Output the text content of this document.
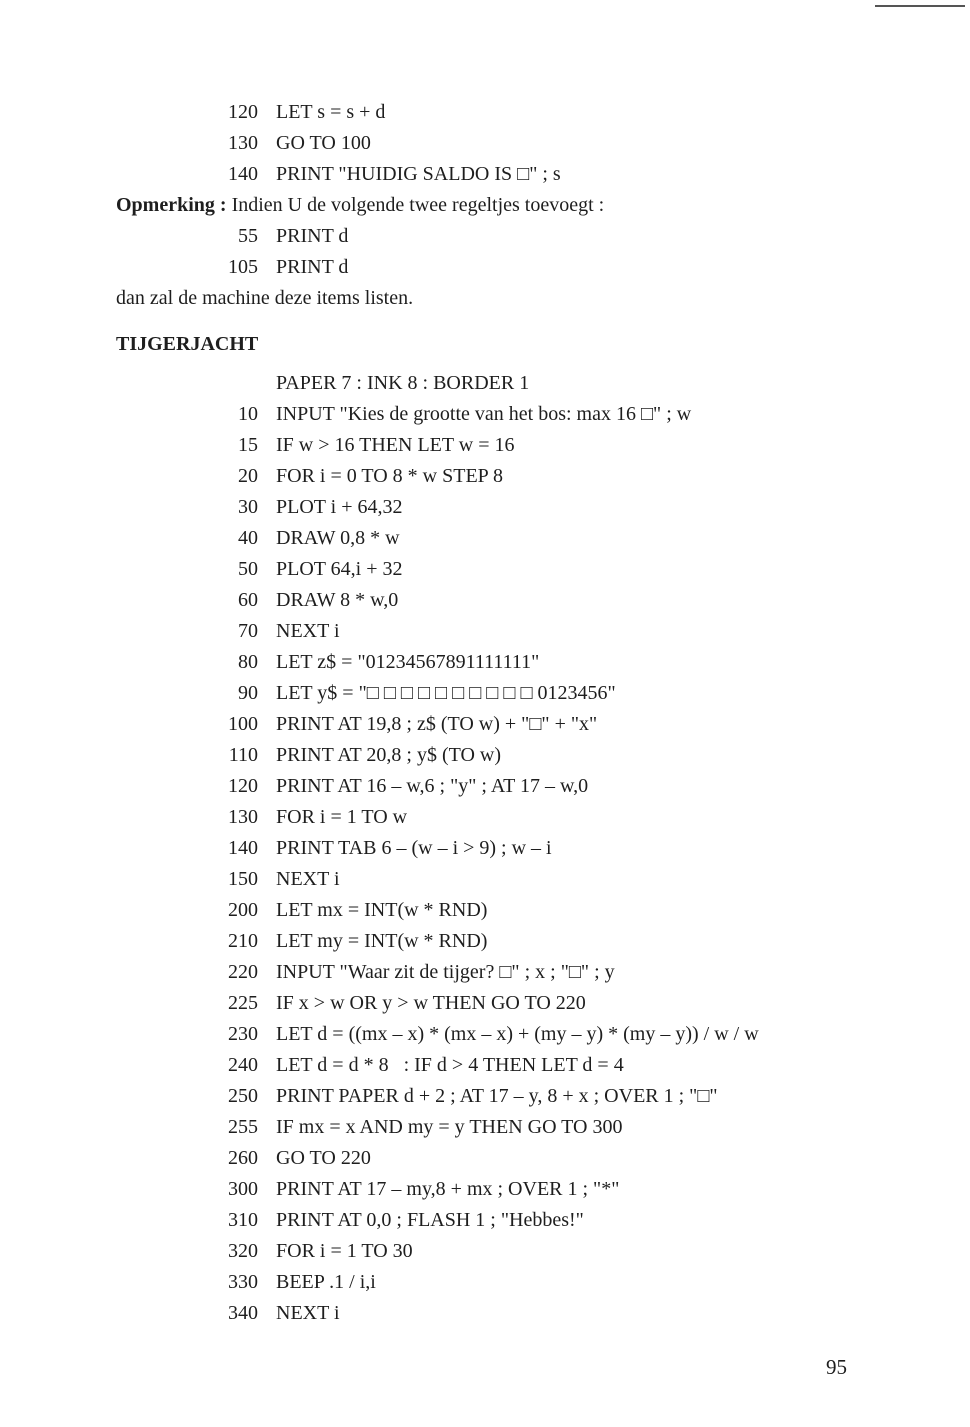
120 LET s = s + d
130 GO TO 100
140 PRINT "HUIDIG SALDO IS □" ; s
Opmerking : Indien U de volgende twee regeltjes toevoegt :
55 PRINT d
105 PRINT d
dan zal de machine deze items listen.
TIJGERJACHT
PAPER 7 : INK 8 : BORDER 1
10 INPUT "Kies de grootte van het bos: max 16 □" ; w
15 IF w > 16 THEN LET w = 16
20 FOR i = 0 TO 8 * w STEP 8
30 PLOT i + 64,32
40 DRAW 0,8 * w
50 PLOT 64,i + 32
60 DRAW 8 * w,0
70 NEXT i
80 LET z$ = "01234567891111111"
90 LET y$ = "□ □ □ □ □ □ □ □ □ □ 0123456"
100 PRINT AT 19,8 ; z$ (TO w) + "□" + "x"
110 PRINT AT 20,8 ; y$ (TO w)
120 PRINT AT 16 – w,6 ; "y" ; AT 17 – w,0
130 FOR i = 1 TO w
140 PRINT TAB 6 – (w – i > 9) ; w – i
150 NEXT i
200 LET mx = INT(w * RND)
210 LET my = INT(w * RND)
220 INPUT "Waar zit de tijger? □" ; x ; "□" ; y
225 IF x > w OR y > w THEN GO TO 220
230 LET d = ((mx – x) * (mx – x) + (my – y) * (my – y)) / w / w
240 LET d = d * 8   : IF d > 4 THEN LET d = 4
250 PRINT PAPER d + 2 ; AT 17 – y, 8 + x ; OVER 1 ; "□"
255 IF mx = x AND my = y THEN GO TO 300
260 GO TO 220
300 PRINT AT 17 – my,8 + mx ; OVER 1 ; "*"
310 PRINT AT 0,0 ; FLASH 1 ; "Hebbes!"
320 FOR i = 1 TO 30
330 BEEP .1 / i,i
340 NEXT i
95
